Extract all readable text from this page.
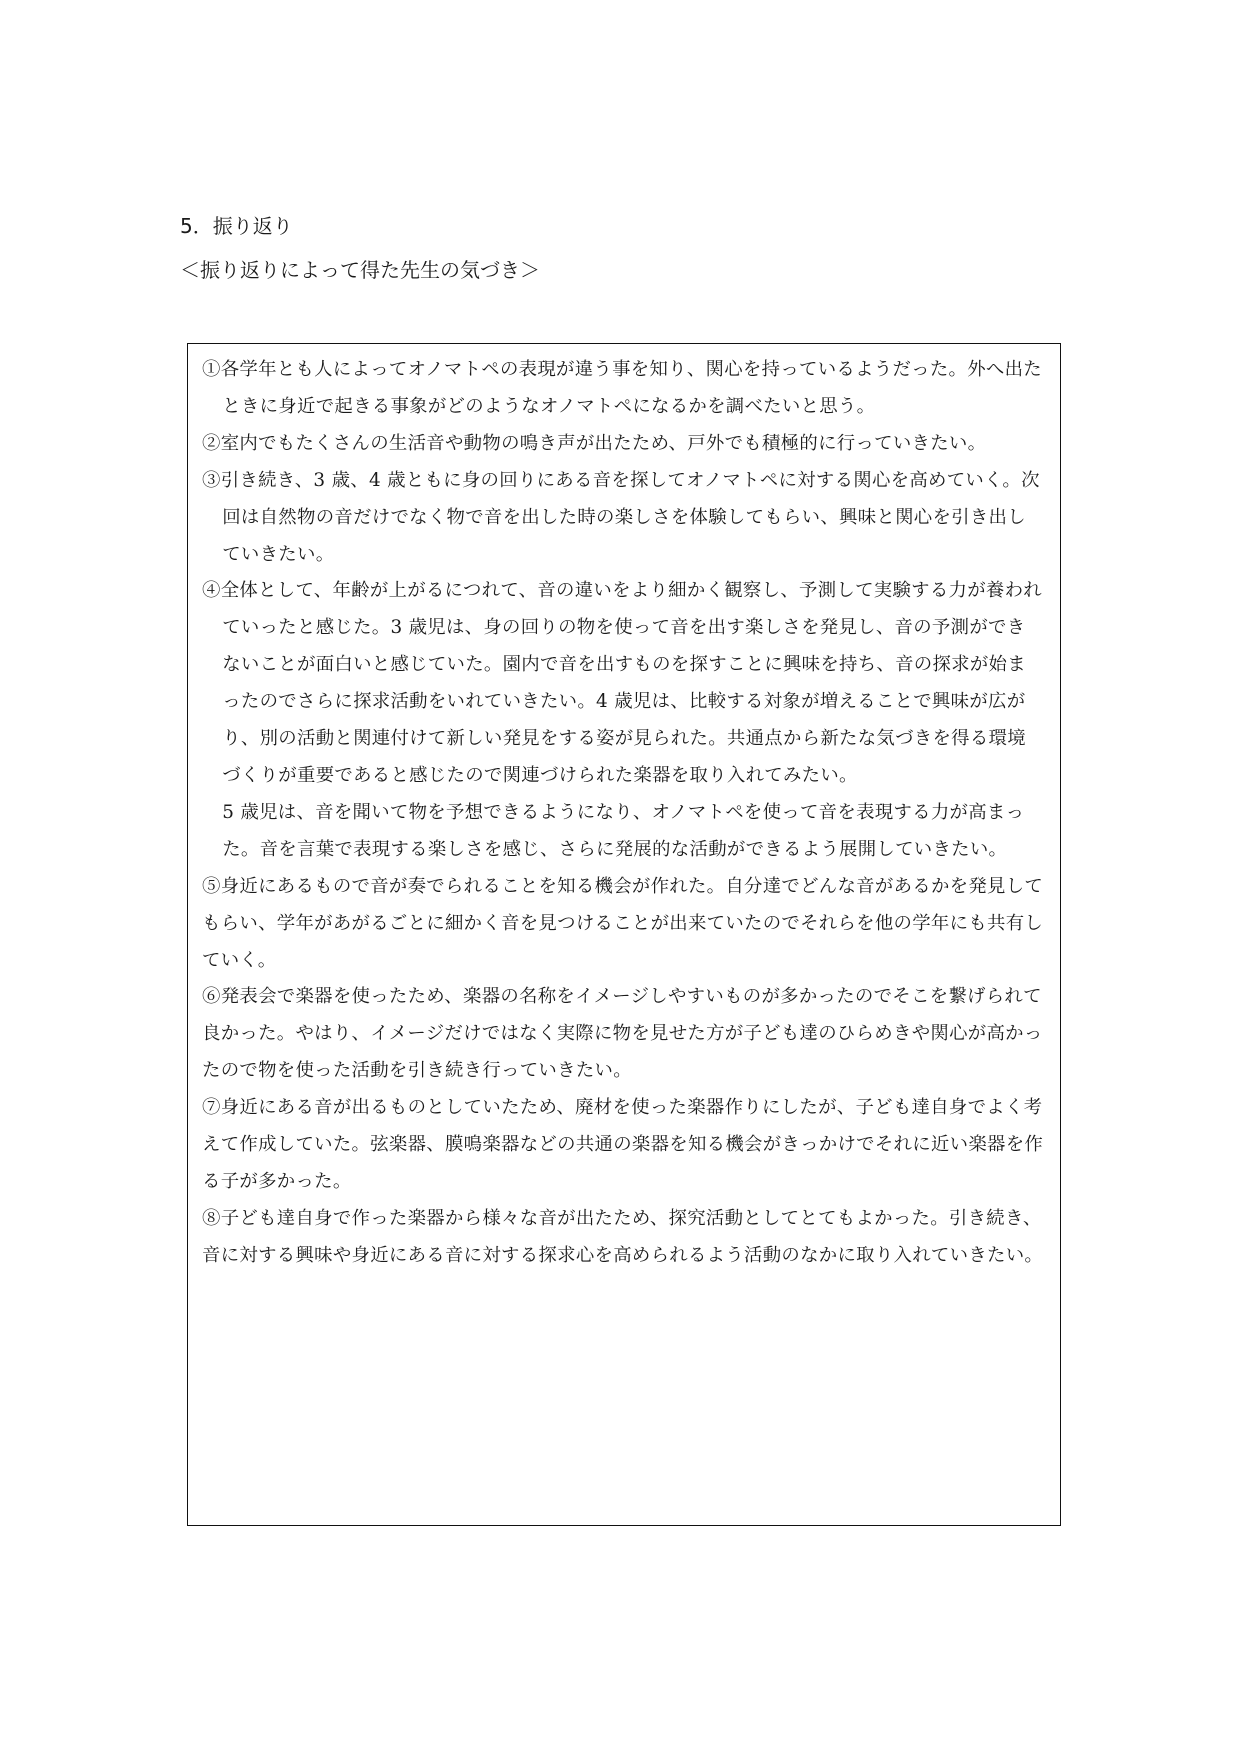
5．振り返り
＜振り返りによって得た先生の気づき＞

①各学年とも人によってオノマトペの表現が違う事を知り、関心を持っているようだった。外へ出たときに身近で起きる事象がどのようなオノマトペになるかを調べたいと思う。

②室内でもたくさんの生活音や動物の鳴き声が出たため、戸外でも積極的に行っていきたい。

③引き続き、3 歳、4 歳ともに身の回りにある音を探してオノマトペに対する関心を高めていく。次回は自然物の音だけでなく物で音を出した時の楽しさを体験してもらい、興味と関心を引き出していきたい。

④全体として、年齢が上がるにつれて、音の違いをより細かく観察し、予測して実験する力が養われていったと感じた。3 歳児は、身の回りの物を使って音を出す楽しさを発見し、音の予測ができないことが面白いと感じていた。園内で音を出すものを探すことに興味を持ち、音の探求が始まったのでさらに探求活動をいれていきたい。4 歳児は、比較する対象が増えることで興味が広がり、別の活動と関連付けて新しい発見をする姿が見られた。共通点から新たな気づきを得る環境づくりが重要であると感じたので関連づけられた楽器を取り入れてみたい。

5 歳児は、音を聞いて物を予想できるようになり、オノマトペを使って音を表現する力が高まった。音を言葉で表現する楽しさを感じ、さらに発展的な活動ができるよう展開していきたい。

⑤身近にあるもので音が奏でられることを知る機会が作れた。自分達でどんな音があるかを発見してもらい、学年があがるごとに細かく音を見つけることが出来ていたのでそれらを他の学年にも共有していく。

⑥発表会で楽器を使ったため、楽器の名称をイメージしやすいものが多かったのでそこを繋げられて良かった。やはり、イメージだけではなく実際に物を見せた方が子ども達のひらめきや関心が高かったので物を使った活動を引き続き行っていきたい。

⑦身近にある音が出るものとしていたため、廃材を使った楽器作りにしたが、子ども達自身でよく考えて作成していた。弦楽器、膜鳴楽器などの共通の楽器を知る機会がきっかけでそれに近い楽器を作る子が多かった。

⑧子ども達自身で作った楽器から様々な音が出たため、探究活動としてとてもよかった。引き続き、音に対する興味や身近にある音に対する探求心を高められるよう活動のなかに取り入れていきたい。
